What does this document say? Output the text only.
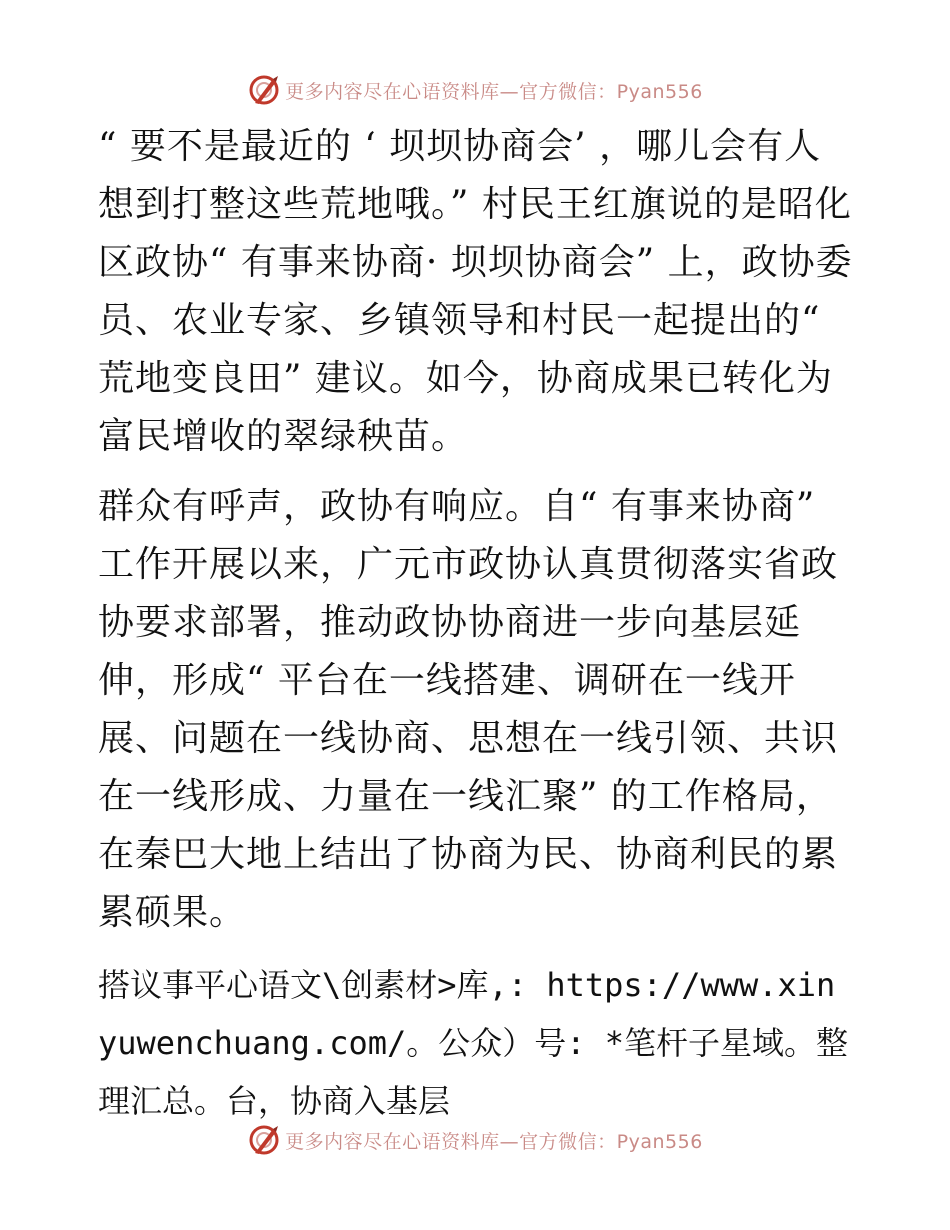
更多内容尽在心语资料库—官方微信：Pyan556

“ 要不是最近的 ‘ 坝坝协商会’ ，哪儿会有人想到打整这些荒地哦。” 村民王红旗说的是昭化区政协“ 有事来协商· 坝坝协商会” 上，政协委员、农业专家、乡镇领导和村民一起提出的“ 荒地变良田” 建议。如今，协商成果已转化为富民增收的翠绿秧苗。

群众有呼声，政协有响应。自“ 有事来协商” 工作开展以来，广元市政协认真贯彻落实省政协要求部署，推动政协协商进一步向基层延伸，形成“ 平台在一线搭建、调研在一线开展、问题在一线协商、思想在一线引领、共识在一线形成、力量在一线汇聚” 的工作格局，在秦巴大地上结出了协商为民、协商利民的累累硕果。

搭议事平心语文\创素材>库,: https://www.xinyuwenchuang.com/。公众）号: *笔杆子星域。整理汇总。台，协商入基层

更多内容尽在心语资料库—官方微信：Pyan556
